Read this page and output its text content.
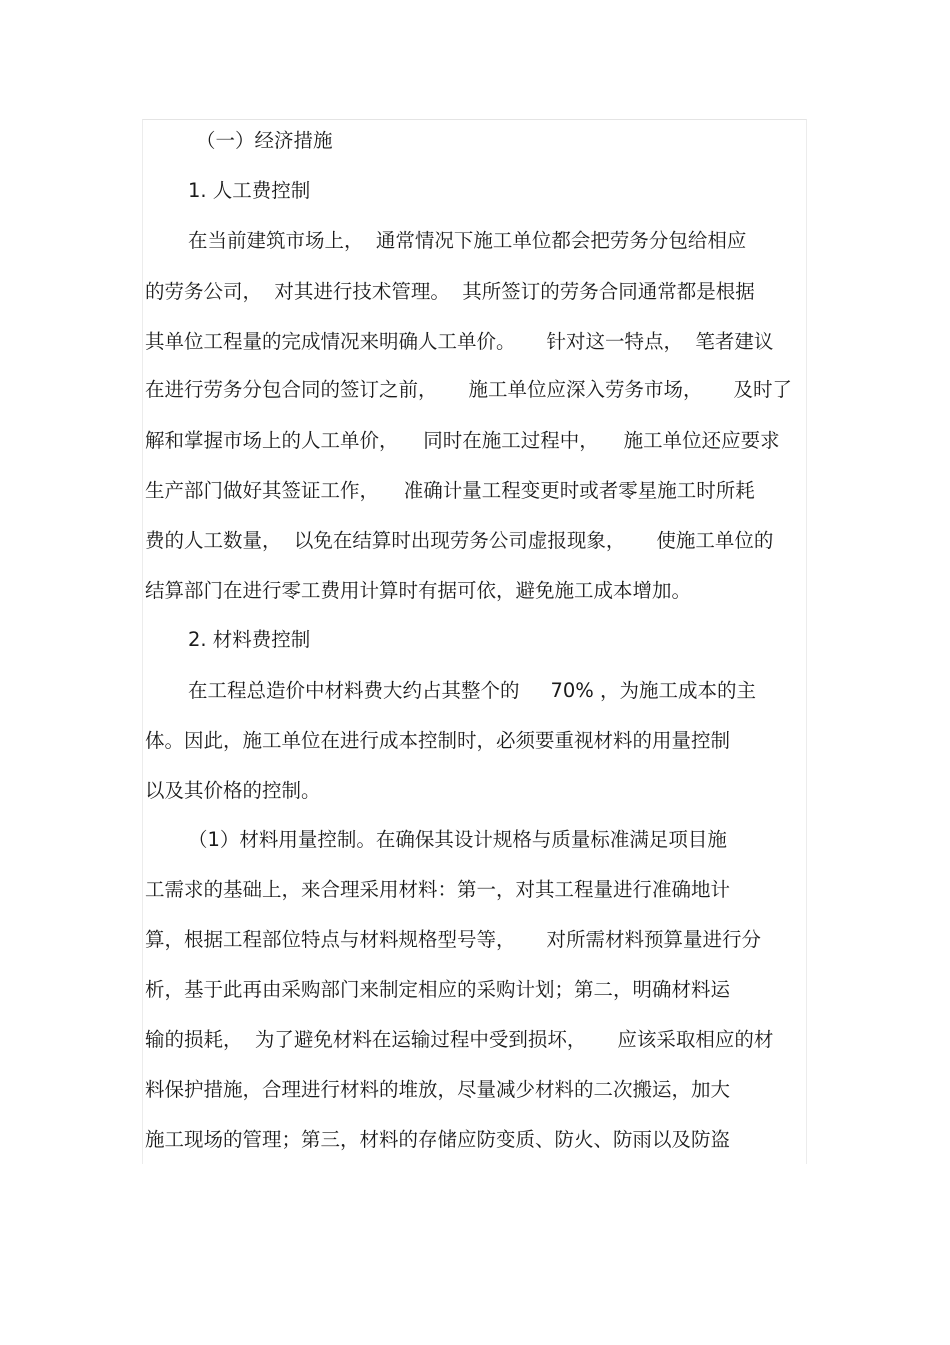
（一）经济措施
1. 人工费控制
在当前建筑市场上，  通常情况下施工单位都会把劳务分包给相应
的劳务公司，  对其进行技术管理。  其所签订的劳务合同通常都是根据
其单位工程量的完成情况来明确人工单价。     针对这一特点，  笔者建议
在进行劳务分包合同的签订之前，     施工单位应深入劳务市场，     及时了
解和掌握市场上的人工单价，    同时在施工过程中，    施工单位还应要求
生产部门做好其签证工作，    准确计量工程变更时或者零星施工时所耗
费的人工数量，  以免在结算时出现劳务公司虚报现象，     使施工单位的
结算部门在进行零工费用计算时有据可依，避免施工成本增加。
2. 材料费控制
在工程总造价中材料费大约占其整个的     70% ，为施工成本的主
体。因此，施工单位在进行成本控制时，必须要重视材料的用量控制
以及其价格的控制。
（1）材料用量控制。在确保其设计规格与质量标准满足项目施
工需求的基础上，来合理采用材料：第一，对其工程量进行准确地计
算，根据工程部位特点与材料规格型号等，     对所需材料预算量进行分
析，基于此再由采购部门来制定相应的采购计划；第二，明确材料运
输的损耗，  为了避免材料在运输过程中受到损坏，     应该采取相应的材
料保护措施，合理进行材料的堆放，尽量减少材料的二次搬运，加大
施工现场的管理；第三，材料的存储应防变质、防火、防雨以及防盗
